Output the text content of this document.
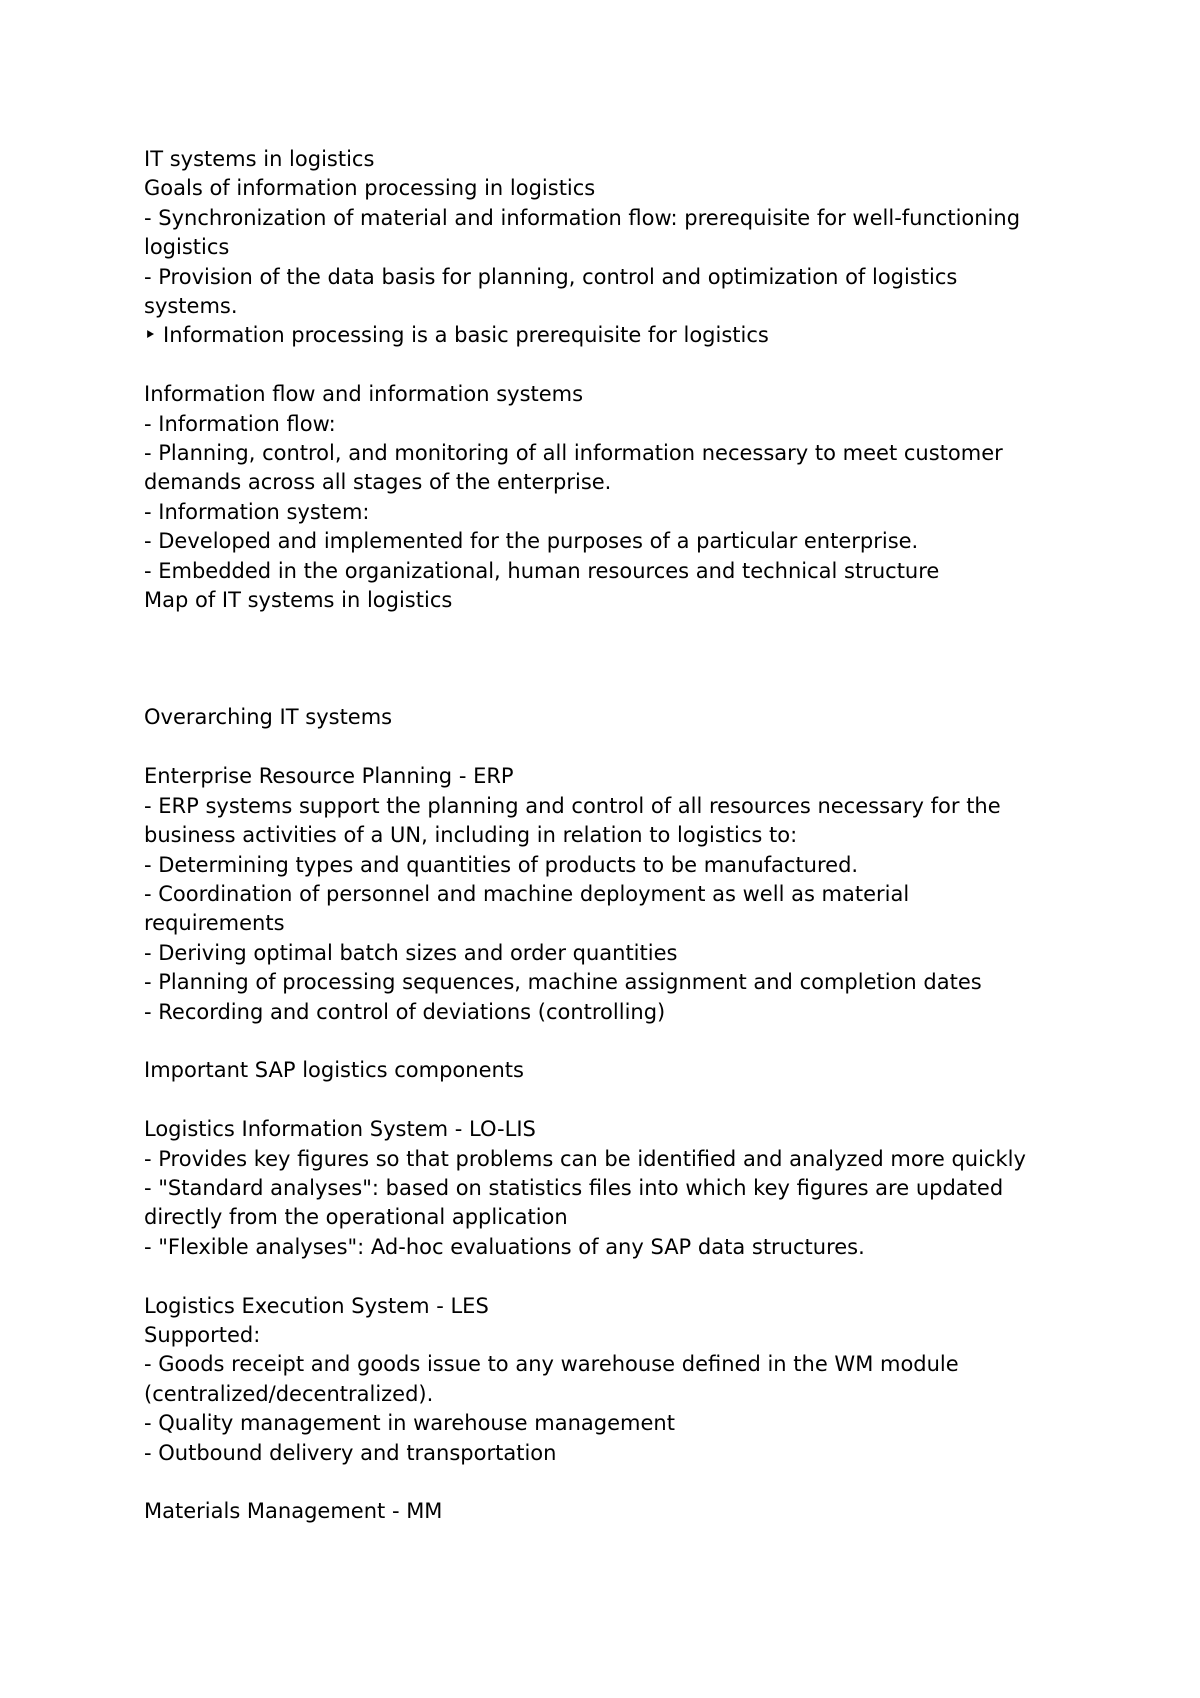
IT systems in logistics
Goals of information processing in logistics
- Synchronization of material and information flow: prerequisite for well-functioning
logistics
- Provision of the data basis for planning, control and optimization of logistics
systems.
‣ Information processing is a basic prerequisite for logistics
Information flow and information systems
- Information flow:
- Planning, control, and monitoring of all information necessary to meet customer
demands across all stages of the enterprise.
- Information system:
- Developed and implemented for the purposes of a particular enterprise.
- Embedded in the organizational, human resources and technical structure
Map of IT systems in logistics
Overarching IT systems
Enterprise Resource Planning - ERP
- ERP systems support the planning and control of all resources necessary for the
business activities of a UN, including in relation to logistics to:
- Determining types and quantities of products to be manufactured.
- Coordination of personnel and machine deployment as well as material
requirements
- Deriving optimal batch sizes and order quantities
- Planning of processing sequences, machine assignment and completion dates
- Recording and control of deviations (controlling)
Important SAP logistics components
Logistics Information System - LO-LIS
- Provides key figures so that problems can be identified and analyzed more quickly
- "Standard analyses": based on statistics files into which key figures are updated
directly from the operational application
- "Flexible analyses": Ad-hoc evaluations of any SAP data structures.
Logistics Execution System - LES
Supported:
- Goods receipt and goods issue to any warehouse defined in the WM module
(centralized/decentralized).
- Quality management in warehouse management
- Outbound delivery and transportation
Materials Management - MM
